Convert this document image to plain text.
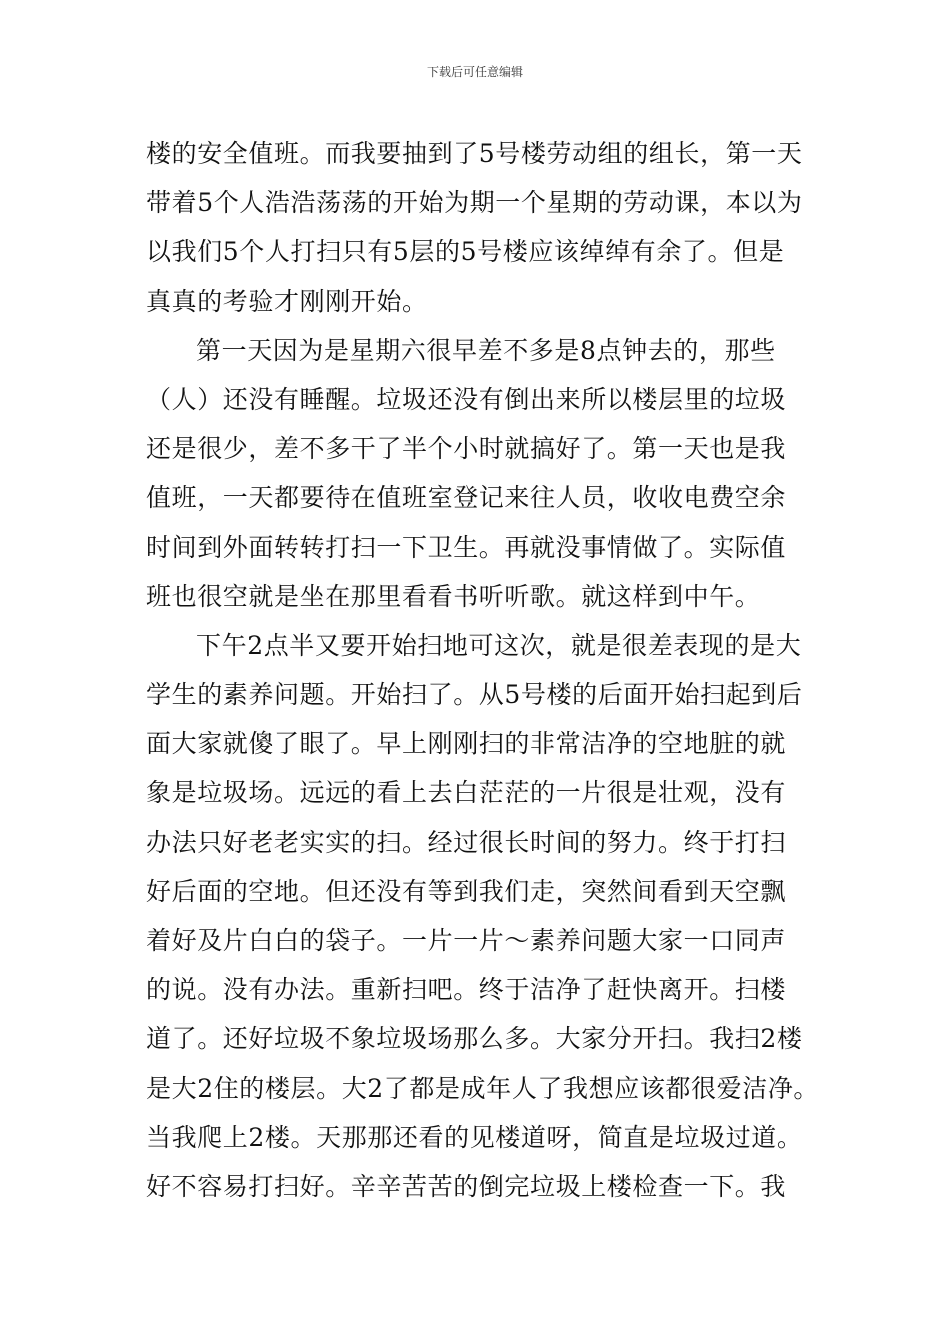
下载后可任意编辑
楼的安全值班。而我要抽到了5号楼劳动组的组长，第一天
带着5个人浩浩荡荡的开始为期一个星期的劳动课，本以为
以我们5个人打扫只有5层的5号楼应该绰绰有余了。但是
真真的考验才刚刚开始。
第一天因为是星期六很早差不多是8点钟去的，那些
（人）还没有睡醒。垃圾还没有倒出来所以楼层里的垃圾
还是很少，差不多干了半个小时就搞好了。第一天也是我
值班，一天都要待在值班室登记来往人员，收收电费空余
时间到外面转转打扫一下卫生。再就没事情做了。实际值
班也很空就是坐在那里看看书听听歌。就这样到中午。
下午2点半又要开始扫地可这次，就是很差表现的是大
学生的素养问题。开始扫了。从5号楼的后面开始扫起到后
面大家就傻了眼了。早上刚刚扫的非常洁净的空地脏的就
象是垃圾场。远远的看上去白茫茫的一片很是壮观，没有
办法只好老老实实的扫。经过很长时间的努力。终于打扫
好后面的空地。但还没有等到我们走，突然间看到天空飘
着好及片白白的袋子。一片一片～素养问题大家一口同声
的说。没有办法。重新扫吧。终于洁净了赶快离开。扫楼
道了。还好垃圾不象垃圾场那么多。大家分开扫。我扫2楼
是大2住的楼层。大2了都是成年人了我想应该都很爱洁净。
当我爬上2楼。天那那还看的见楼道呀，简直是垃圾过道。
好不容易打扫好。辛辛苦苦的倒完垃圾上楼检查一下。我
